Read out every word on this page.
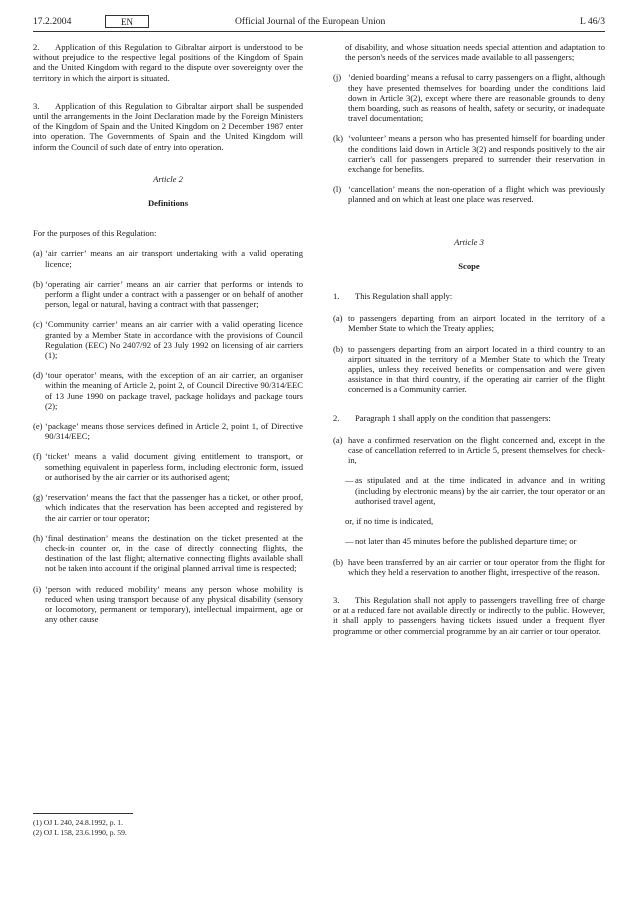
17.2.2004	EN	Official Journal of the European Union	L 46/3

2. Application of this Regulation to Gibraltar airport is understood to be without prejudice to the respective legal positions of the Kingdom of Spain and the United Kingdom with regard to the dispute over sovereignty over the territory in which the airport is situated.

3. Application of this Regulation to Gibraltar airport shall be suspended until the arrangements in the Joint Declaration made by the Foreign Ministers of the Kingdom of Spain and the United Kingdom on 2 December 1987 enter into operation. The Governments of Spain and the United Kingdom will inform the Council of such date of entry into operation.

Article 2
Definitions

For the purposes of this Regulation:

(a) ‘air carrier’ means an air transport undertaking with a valid operating licence;
(b) ‘operating air carrier’ means an air carrier that performs or intends to perform a flight under a contract with a passenger or on behalf of another person, legal or natural, having a contract with that passenger;
(c) ‘Community carrier’ means an air carrier with a valid operating licence granted by a Member State in accordance with the provisions of Council Regulation (EEC) No 2407/92 of 23 July 1992 on licensing of air carriers (1);
(d) ‘tour operator’ means, with the exception of an air carrier, an organiser within the meaning of Article 2, point 2, of Council Directive 90/314/EEC of 13 June 1990 on package travel, package holidays and package tours (2);
(e) ‘package’ means those services defined in Article 2, point 1, of Directive 90/314/EEC;
(f) ‘ticket’ means a valid document giving entitlement to transport, or something equivalent in paperless form, including electronic form, issued or authorised by the air carrier or its authorised agent;
(g) ‘reservation’ means the fact that the passenger has a ticket, or other proof, which indicates that the reservation has been accepted and registered by the air carrier or tour operator;
(h) ‘final destination’ means the destination on the ticket presented at the check-in counter or, in the case of directly connecting flights, the destination of the last flight; alternative connecting flights available shall not be taken into account if the original planned arrival time is respected;
(i) ‘person with reduced mobility’ means any person whose mobility is reduced when using transport because of any physical disability (sensory or locomotory, permanent or temporary), intellectual impairment, age or any other cause
(1) OJ L 240, 24.8.1992, p. 1.
(2) OJ L 158, 23.6.1990, p. 59.
of disability, and whose situation needs special attention and adaptation to the person's needs of the services made available to all passengers;
(j) ‘denied boarding’ means a refusal to carry passengers on a flight, although they have presented themselves for boarding under the conditions laid down in Article 3(2), except where there are reasonable grounds to deny them boarding, such as reasons of health, safety or security, or inadequate travel documentation;
(k) ‘volunteer’ means a person who has presented himself for boarding under the conditions laid down in Article 3(2) and responds positively to the air carrier's call for passengers prepared to surrender their reservation in exchange for benefits.
(l) ‘cancellation’ means the non-operation of a flight which was previously planned and on which at least one place was reserved.
Article 3
Scope
1. This Regulation shall apply:
(a) to passengers departing from an airport located in the territory of a Member State to which the Treaty applies;
(b) to passengers departing from an airport located in a third country to an airport situated in the territory of a Member State to which the Treaty applies, unless they received benefits or compensation and were given assistance in that third country, if the operating air carrier of the flight concerned is a Community carrier.
2. Paragraph 1 shall apply on the condition that passengers:
(a) have a confirmed reservation on the flight concerned and, except in the case of cancellation referred to in Article 5, present themselves for check-in,
— as stipulated and at the time indicated in advance and in writing (including by electronic means) by the air carrier, the tour operator or an authorised travel agent,
or, if no time is indicated,
— not later than 45 minutes before the published departure time; or
(b) have been transferred by an air carrier or tour operator from the flight for which they held a reservation to another flight, irrespective of the reason.

3. This Regulation shall not apply to passengers travelling free of charge or at a reduced fare not available directly or indirectly to the public. However, it shall apply to passengers having tickets issued under a frequent flyer programme or other commercial programme by an air carrier or tour operator.
